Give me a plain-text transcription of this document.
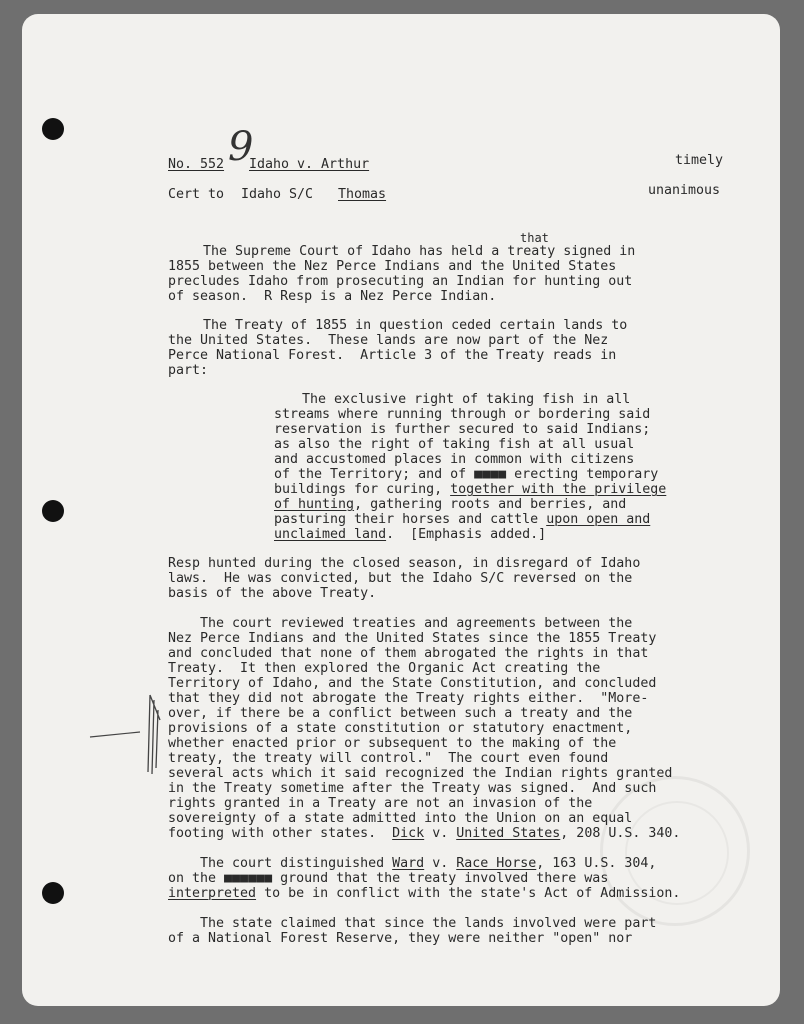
No. 552 9
Idaho v. Arthur	timely
Cert to Idaho S/C Thomas	unanimous
that
The Supreme Court of Idaho has held a treaty signed in
1855 between the Nez Perce Indians and the United States
precludes Idaho from prosecuting an Indian for hunting out
of season.  R Resp is a Nez Perce Indian.
The Treaty of 1855 in question ceded certain lands to
the United States.  These lands are now part of the Nez
Perce National Forest.  Article 3 of the Treaty reads in
part:
The exclusive right of taking fish in all
streams where running through or bordering said
reservation is further secured to said Indians;
as also the right of taking fish at all usual
and accustomed places in common with citizens
of the Territory; and of ■■■■ erecting temporary
buildings for curing, together with the privilege
of hunting, gathering roots and berries, and
pasturing their horses and cattle upon open and
unclaimed land.  [Emphasis added.]
Resp hunted during the closed season, in disregard of Idaho
laws.  He was convicted, but the Idaho S/C reversed on the
basis of the above Treaty.
The court reviewed treaties and agreements between the
Nez Perce Indians and the United States since the 1855 Treaty
and concluded that none of them abrogated the rights in that
Treaty.  It then explored the Organic Act creating the
Territory of Idaho, and the State Constitution, and concluded
that they did not abrogate the Treaty rights either.  "More-
over, if there be a conflict between such a treaty and the
provisions of a state constitution or statutory enactment,
whether enacted prior or subsequent to the making of the
treaty, the treaty will control."  The court even found
several acts which it said recognized the Indian rights granted
in the Treaty sometime after the Treaty was signed.  And such
rights granted in a Treaty are not an invasion of the
sovereignty of a state admitted into the Union on an equal
footing with other states.  Dick v. United States, 208 U.S. 340.
The court distinguished Ward v. Race Horse, 163 U.S. 304,
on the ■■■■■■ ground that the treaty involved there was
interpreted to be in conflict with the state's Act of Admission.
The state claimed that since the lands involved were part
of a National Forest Reserve, they were neither "open" nor
